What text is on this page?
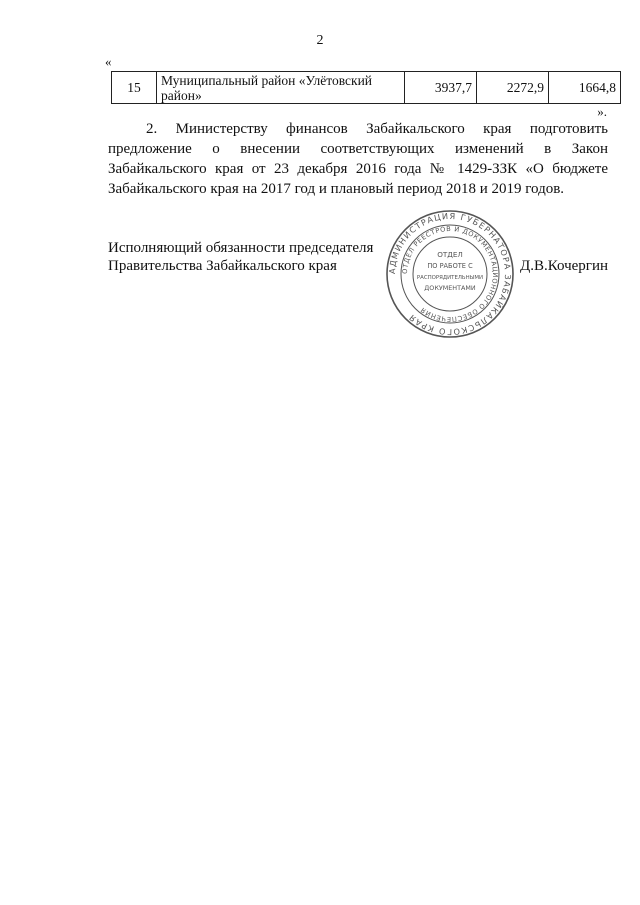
2
«
15	Муниципальный район «Улётовский район»	3937,7	2272,9	1664,8
».

2. Министерству финансов Забайкальского края подготовить предложение о внесении соответствующих изменений в Закон Забайкальского края от 23 декабря 2016 года № 1429-ЗЗК «О бюджете Забайкальского края на 2017 год и плановый период 2018 и 2019 годов.

Исполняющий обязанности председателя
Правительства Забайкальского края	АДМИНИСТРАЦИЯ ГУБЕРНАТОРА ЗАБАЙКАЛЬСКОГО КРАЯ
ОТДЕЛ РЕЕСТРОВ И ДОКУМЕНТАЦИОННОГО ОБЕСПЕЧЕНИЯ
ОТДЕЛ
ПО РАБОТЕ С
РАСПОРЯДИТЕЛЬНЫМИ
ДОКУМЕНТАМИ
Д.В.Кочергин
